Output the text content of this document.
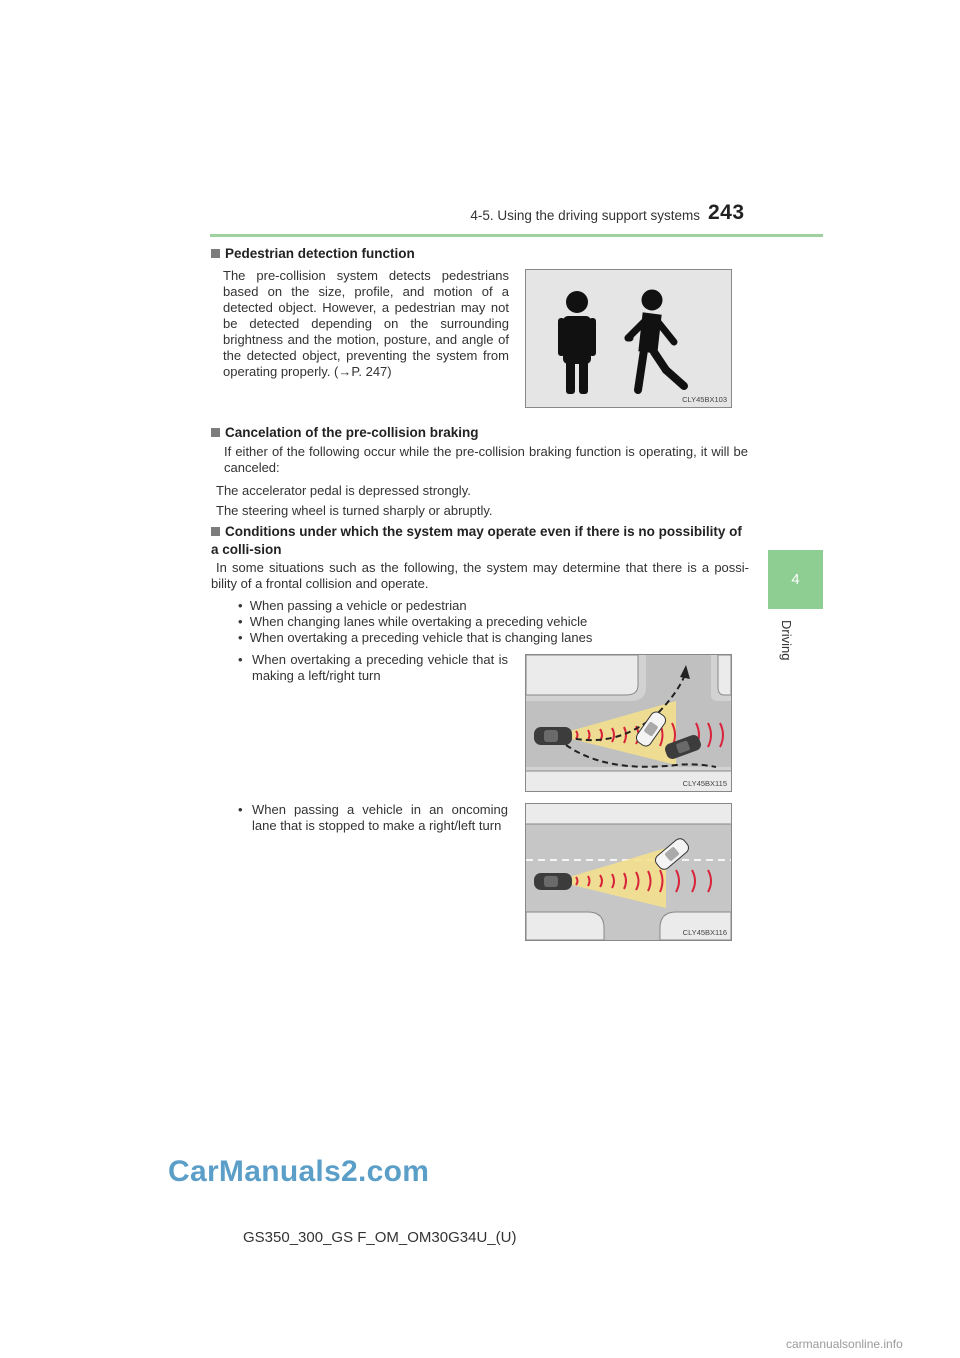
4-5. Using the driving support systems 243
4
Driving
Pedestrian detection function
The pre-collision system detects pedestrians based on the size, profile, and motion of a detected object. However, a pedestrian may not be detected depending on the surrounding brightness and the motion, posture, and angle of the detected object, preventing the system from operating properly. (→P. 247)
CLY45BX103
Cancelation of the pre-collision braking
If either of the following occur while the pre-collision braking function is operating, it will be canceled:
The accelerator pedal is depressed strongly.
The steering wheel is turned sharply or abruptly.
Conditions under which the system may operate even if there is no possibility of a colli-sion
In some situations such as the following, the system may determine that there is a possi-bility of a frontal collision and operate.
•  When passing a vehicle or pedestrian
•  When changing lanes while overtaking a preceding vehicle
•  When overtaking a preceding vehicle that is changing lanes
• When overtaking a preceding vehicle that is making a left/right turn
CLY45BX115
• When passing a vehicle in an oncoming lane that is stopped to make a right/left turn
CLY45BX116
CarManuals2.com
GS350_300_GS F_OM_OM30G34U_(U)
carmanualsonline.info
